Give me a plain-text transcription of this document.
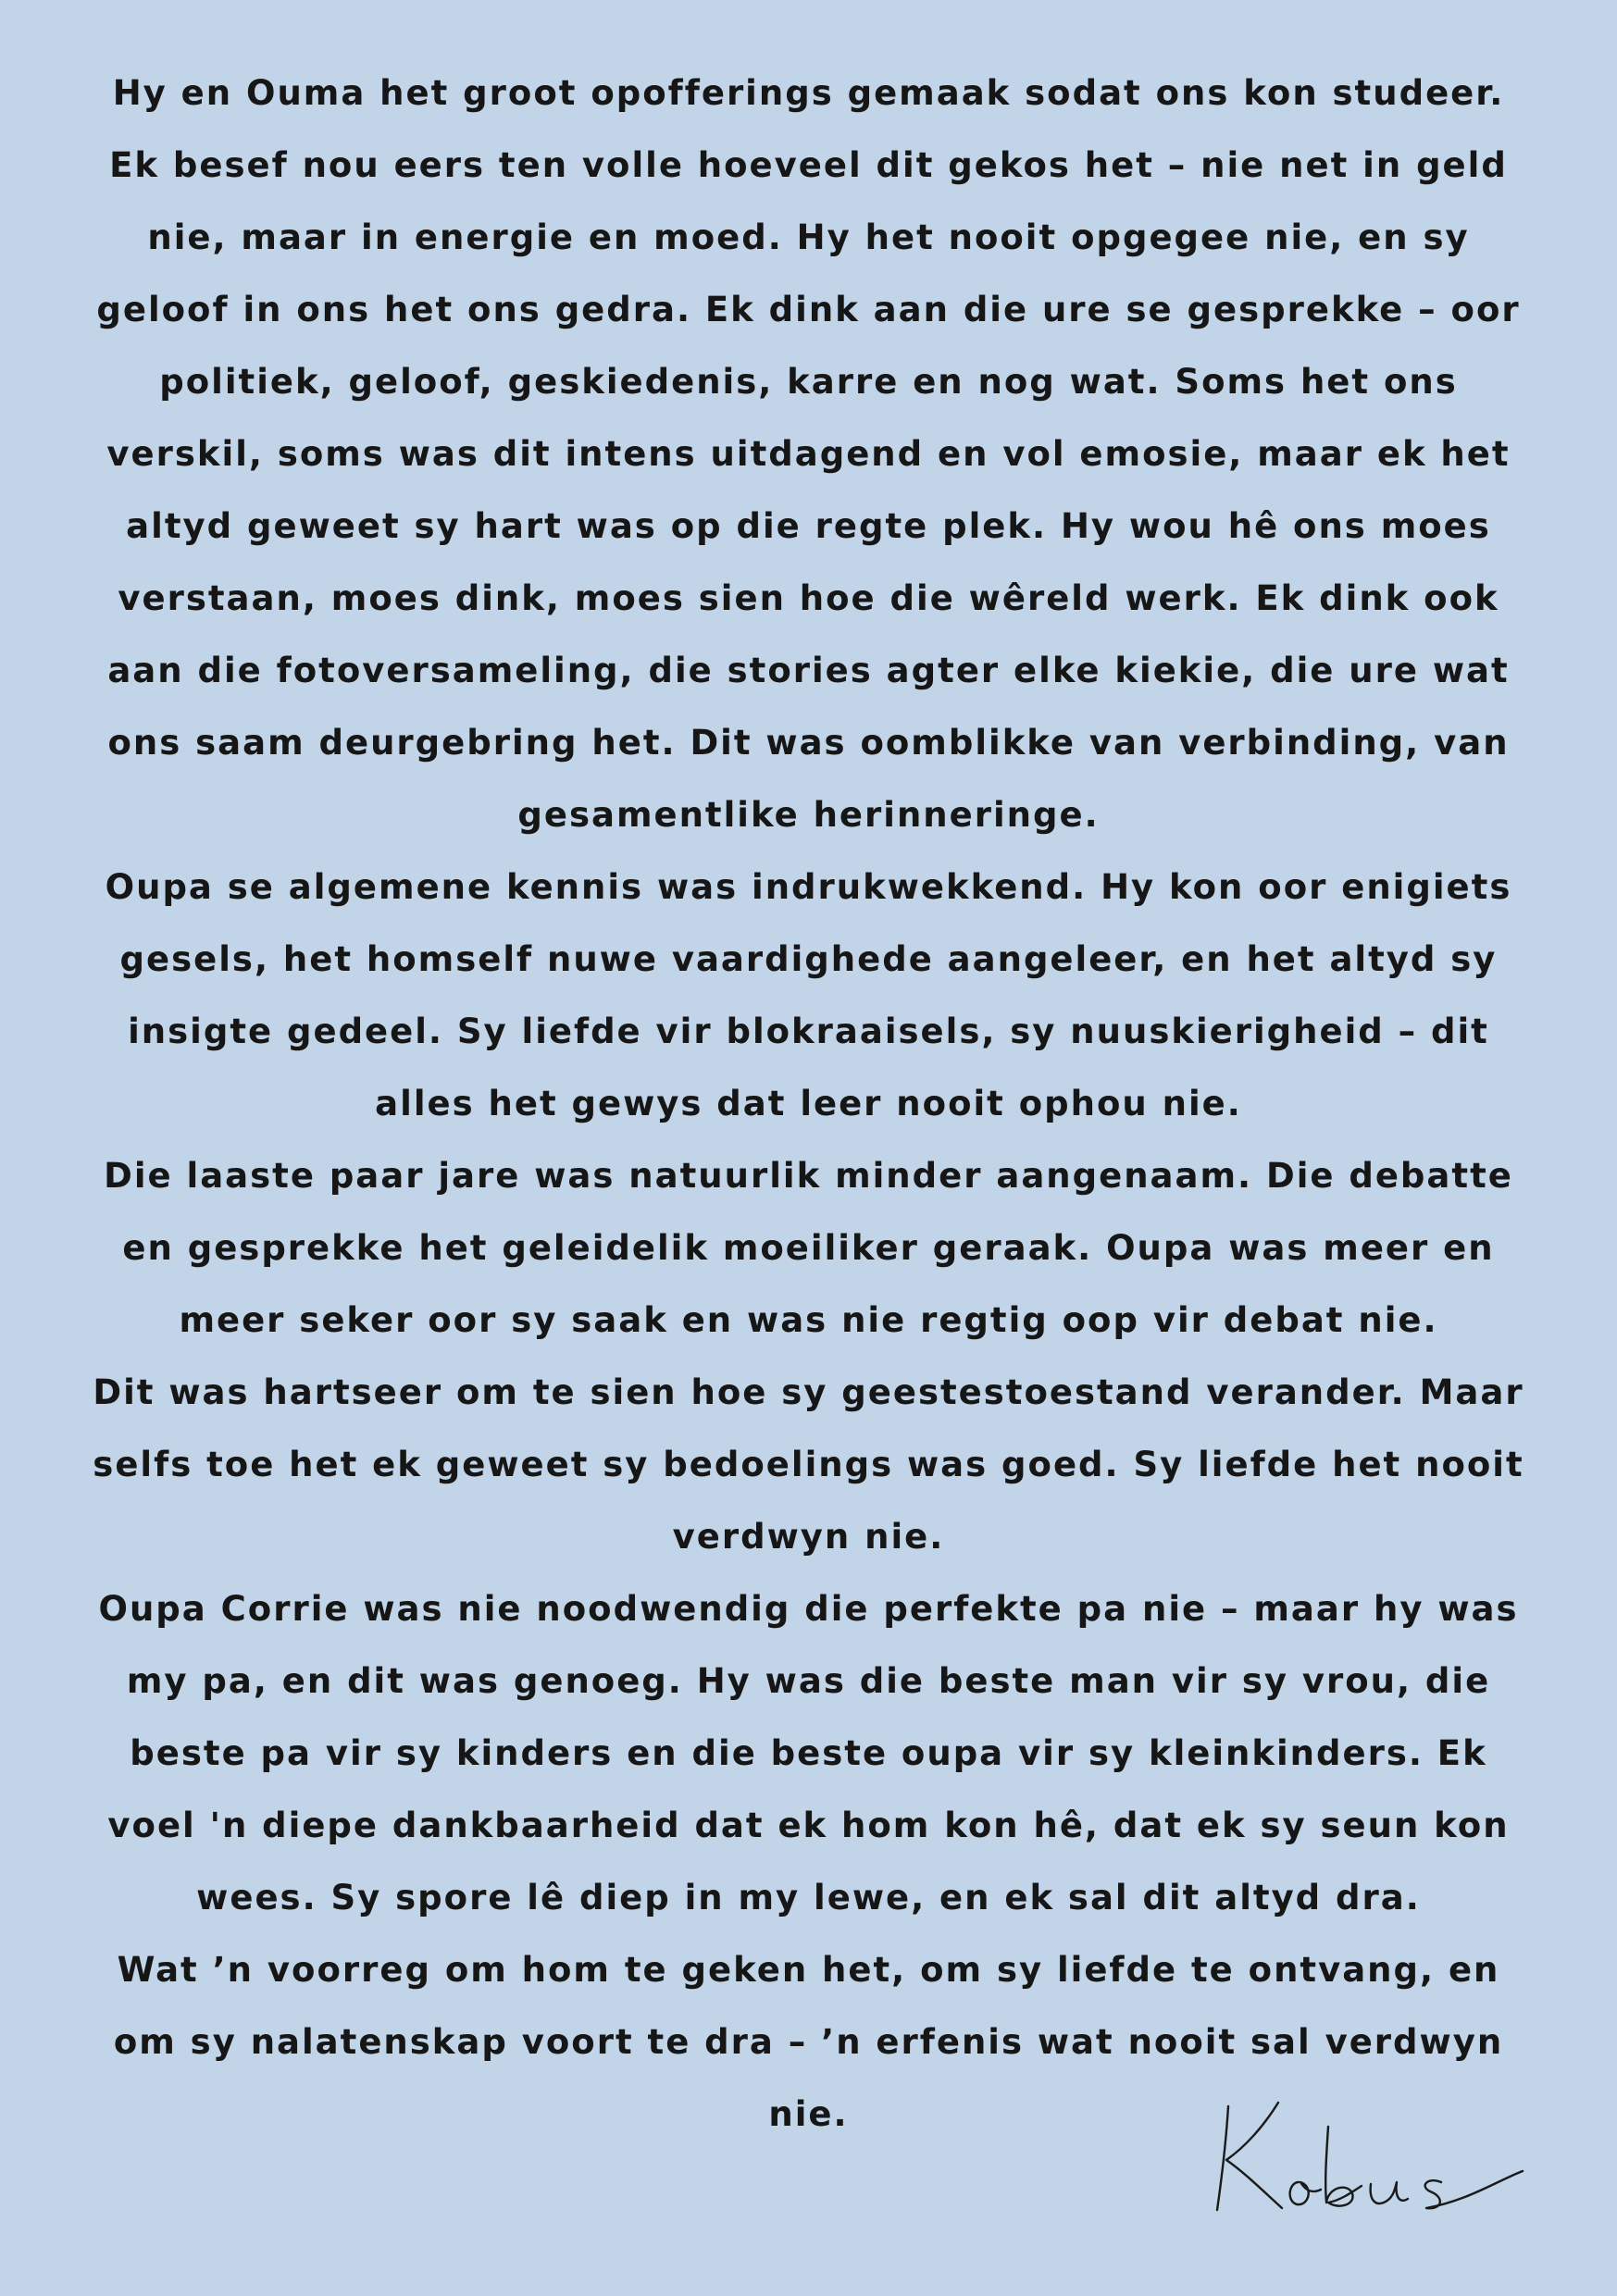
Hy en Ouma het groot opofferings gemaak sodat ons kon studeer. Ek besef nou eers ten volle hoeveel dit gekos het – nie net in geld nie, maar in energie en moed. Hy het nooit opgegee nie, en sy geloof in ons het ons gedra. Ek dink aan die ure se gesprekke – oor politiek, geloof, geskiedenis, karre en nog wat. Soms het ons verskil, soms was dit intens uitdagend en vol emosie, maar ek het altyd geweet sy hart was op die regte plek. Hy wou hê ons moes verstaan, moes dink, moes sien hoe die wêreld werk. Ek dink ook aan die fotoversameling, die stories agter elke kiekie, die ure wat ons saam deurgebring het. Dit was oomblikke van verbinding, van gesamentlike herinneringe.

Oupa se algemene kennis was indrukwekkend. Hy kon oor enigiets gesels, het homself nuwe vaardighede aangeleer, en het altyd sy insigte gedeel. Sy liefde vir blokraaisels, sy nuuskierigheid – dit alles het gewys dat leer nooit ophou nie.

Die laaste paar jare was natuurlik minder aangenaam. Die debatte en gesprekke het geleidelik moeiliker geraak. Oupa was meer en meer seker oor sy saak en was nie regtig oop vir debat nie.

Dit was hartseer om te sien hoe sy geestestoestand verander. Maar selfs toe het ek geweet sy bedoelings was goed. Sy liefde het nooit verdwyn nie.

Oupa Corrie was nie noodwendig die perfekte pa nie – maar hy was my pa, en dit was genoeg. Hy was die beste man vir sy vrou, die beste pa vir sy kinders en die beste oupa vir sy kleinkinders. Ek voel 'n diepe dankbaarheid dat ek hom kon hê, dat ek sy seun kon wees. Sy spore lê diep in my lewe, en ek sal dit altyd dra.

Wat ’n voorreg om hom te geken het, om sy liefde te ontvang, en om sy nalatenskap voort te dra – ’n erfenis wat nooit sal verdwyn nie.
